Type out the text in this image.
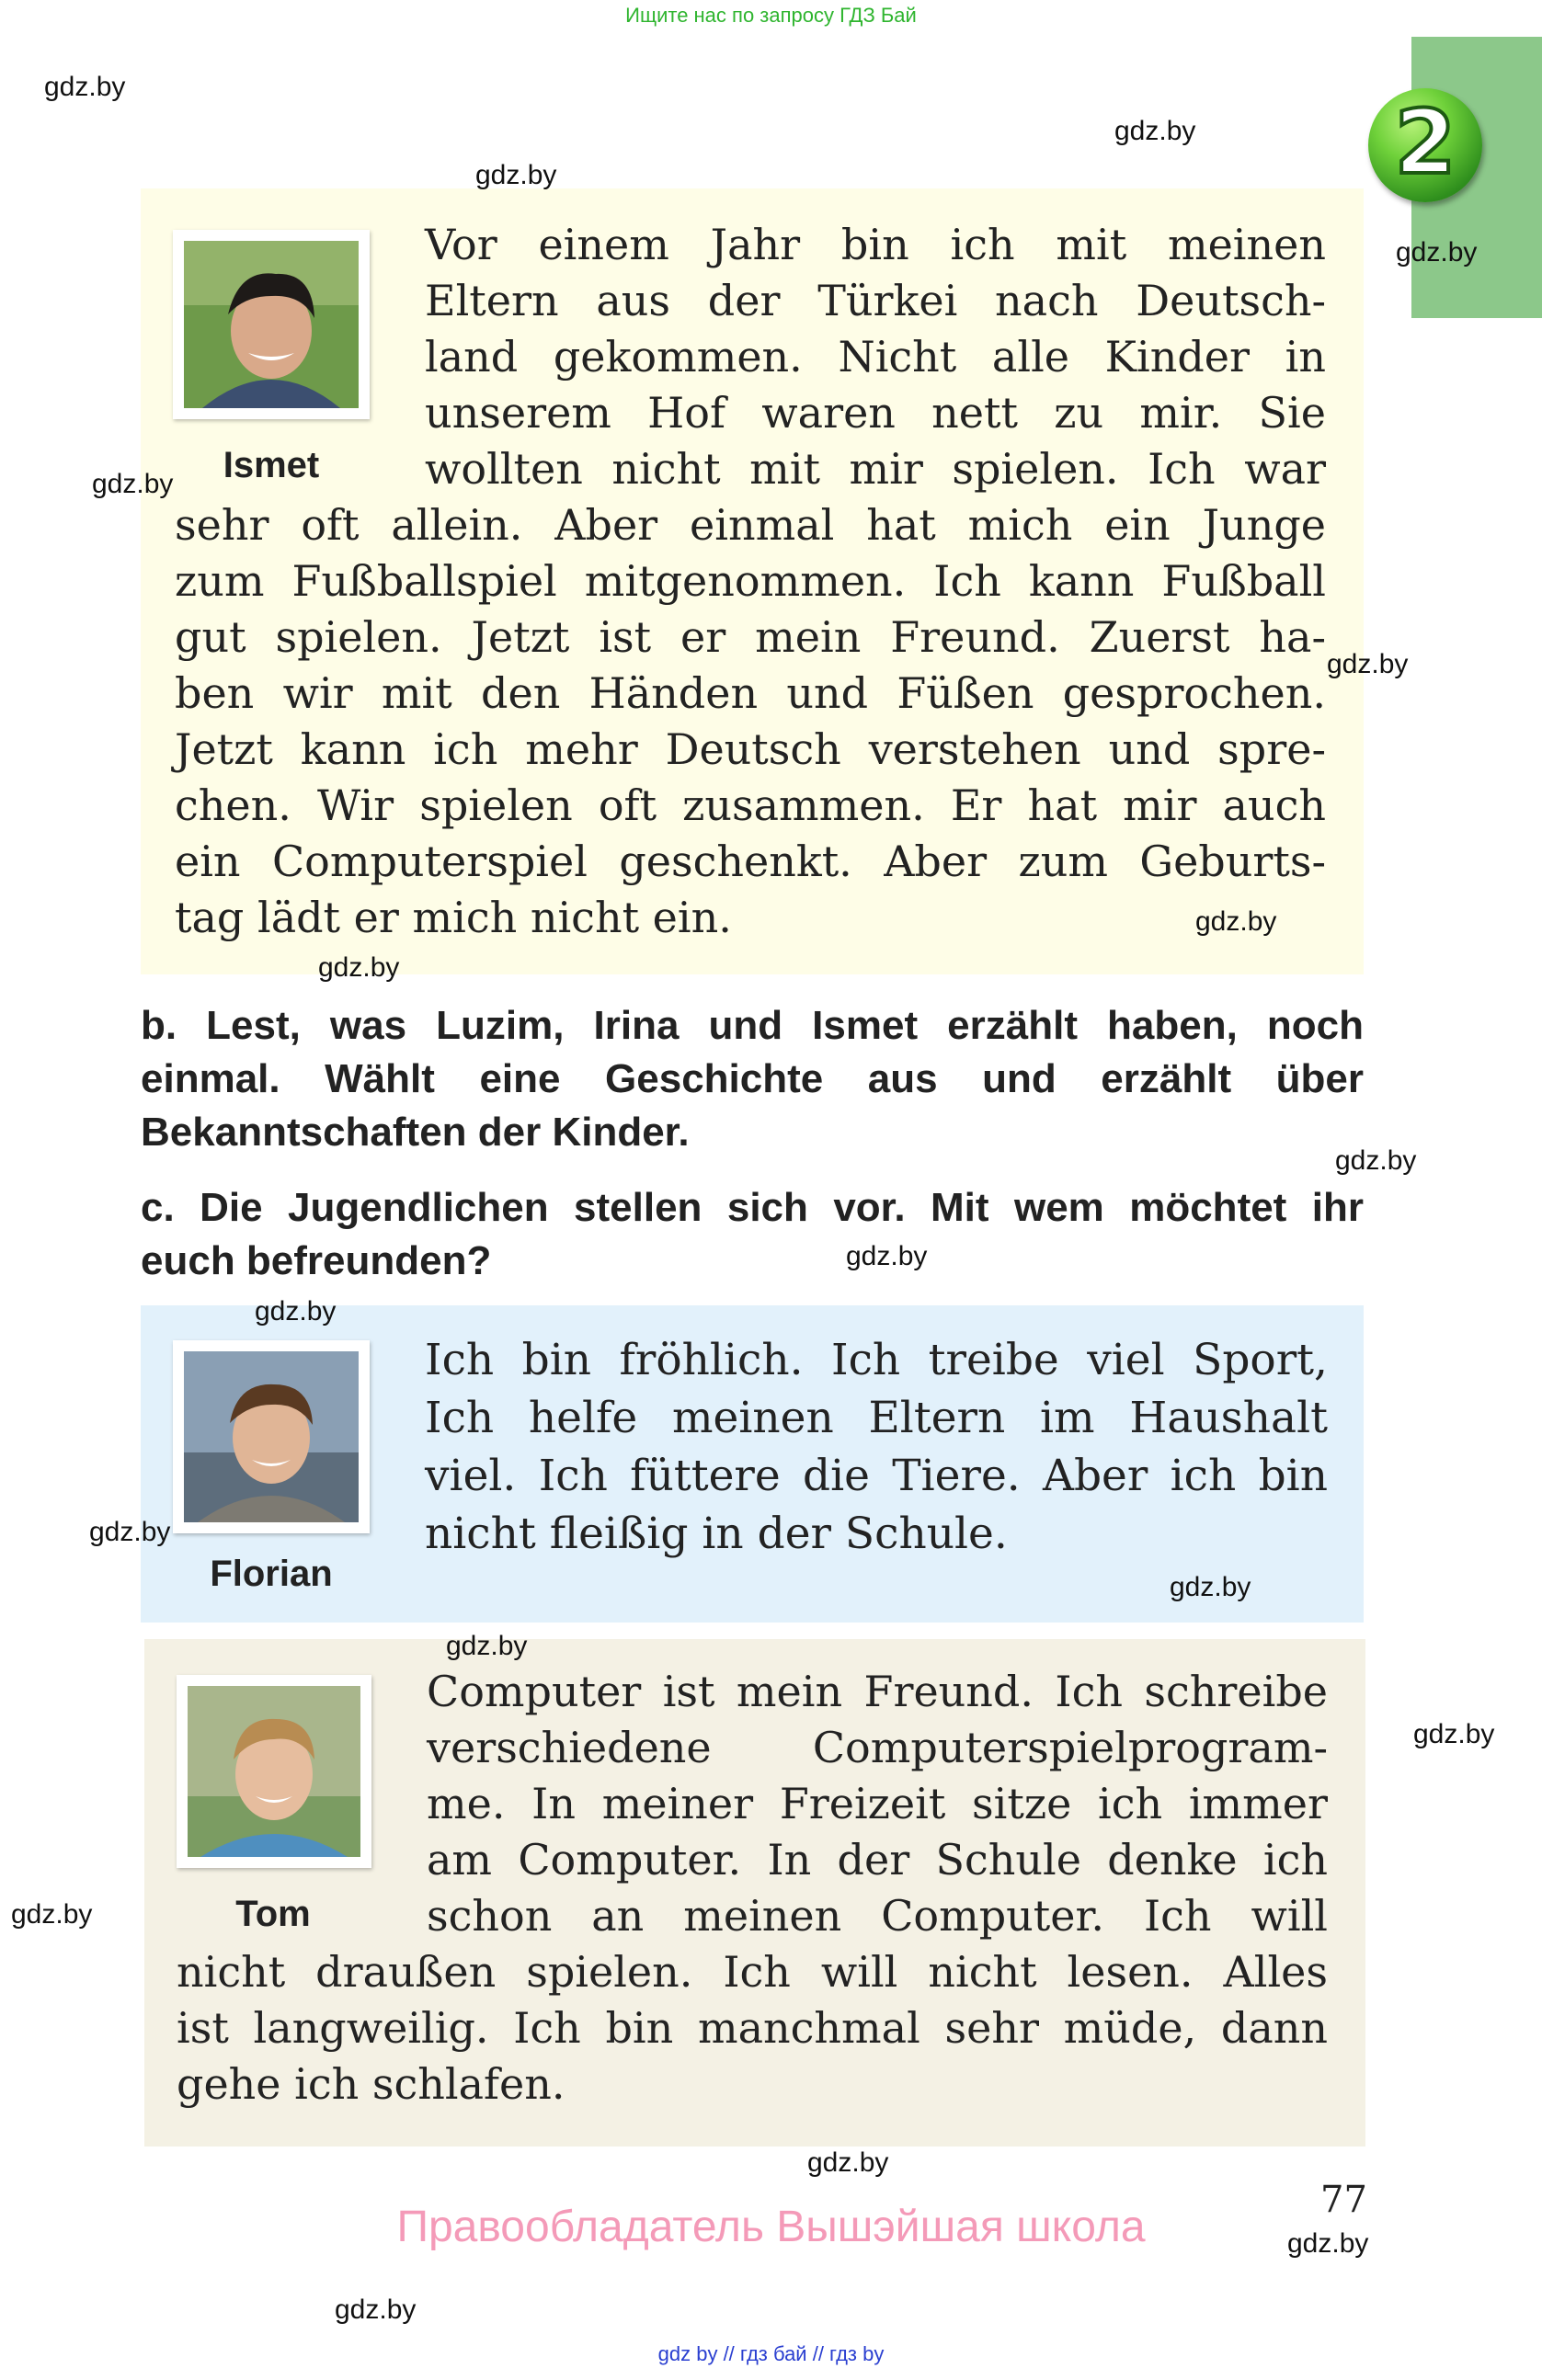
Ищите нас по запросу ГДЗ Бай
2
Ismet
Vor einem Jahr bin ich mit meinen
Eltern aus der Türkei nach Deutsch-
land gekommen. Nicht alle Kinder in
unserem Hof waren nett zu mir. Sie
wollten nicht mit mir spielen. Ich war
sehr oft allein. Aber einmal hat mich ein Junge
zum Fußballspiel mitgenommen. Ich kann Fußball
gut spielen. Jetzt ist er mein Freund. Zuerst ha-
ben wir mit den Händen und Füßen gesprochen.
Jetzt kann ich mehr Deutsch verstehen und spre-
chen. Wir spielen oft zusammen. Er hat mir auch
ein Computerspiel geschenkt. Aber zum Geburts-
tag lädt er mich nicht ein.
b. Lest, was Luzim, Irina und Ismet erzählt haben, noch
einmal. Wählt eine Geschichte aus und erzählt über
Bekanntschaften der Kinder.
c. Die Jugendlichen stellen sich vor. Mit wem möchtet ihr
euch befreunden?
Florian
Ich bin fröhlich. Ich treibe viel Sport,
Ich helfe meinen Eltern im Haushalt
viel. Ich füttere die Tiere. Aber ich bin
nicht fleißig in der Schule.
Tom
Computer ist mein Freund. Ich schreibe
verschiedene Computerspielprogram-
me. In meiner Freizeit sitze ich immer
am Computer. In der Schule denke ich
schon an meinen Computer. Ich will
nicht draußen spielen. Ich will nicht lesen. Alles
ist langweilig. Ich bin manchmal sehr müde, dann
gehe ich schlafen.
gdz.by
gdz.by
gdz.by
gdz.by
gdz.by
gdz.by
gdz.by
gdz.by
gdz.by
gdz.by
gdz.by
gdz.by
gdz.by
gdz.by
gdz.by
gdz.by
gdz.by
gdz.by
gdz.by
Правообладатель Вышэйшая школа
77
gdz by // гдз бай // гдз by
